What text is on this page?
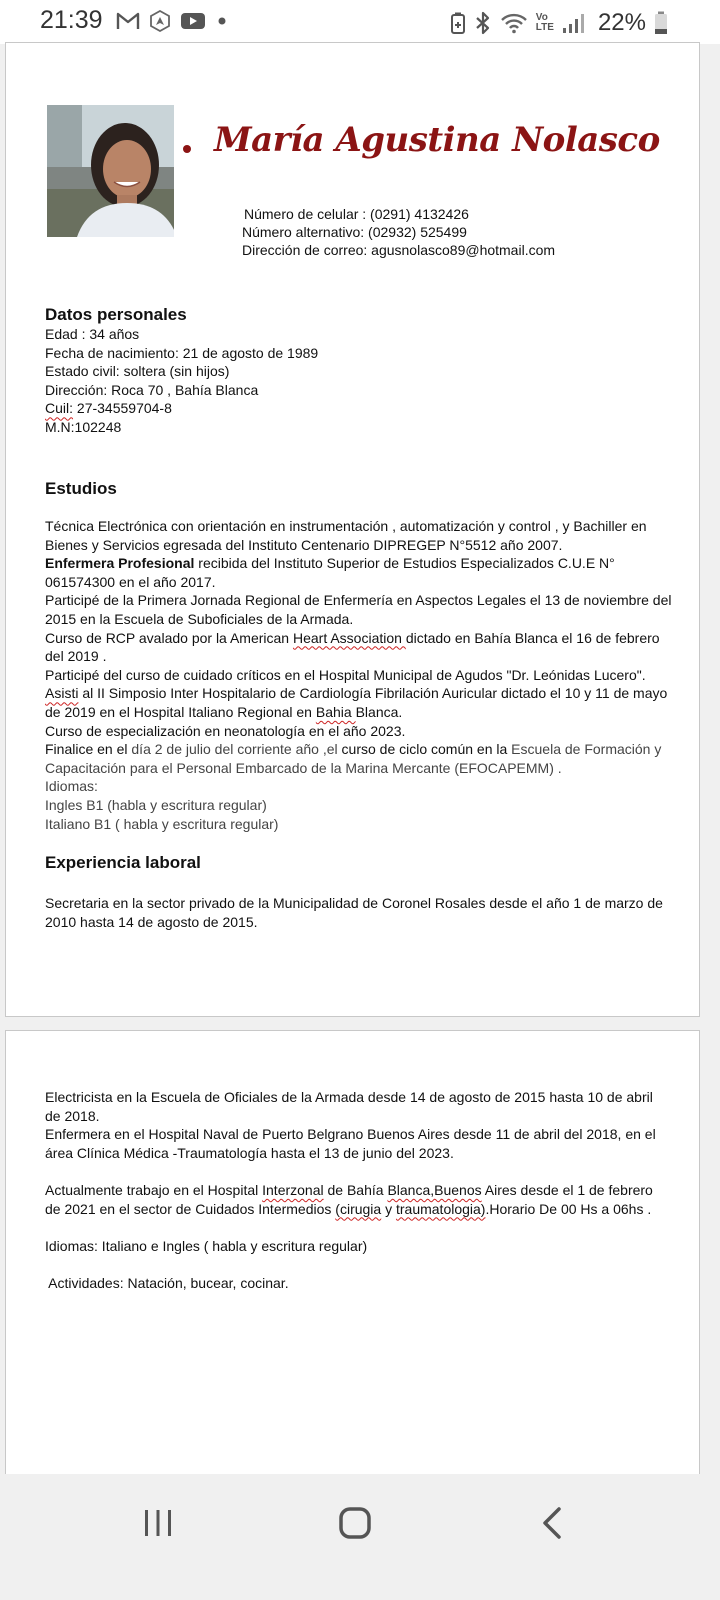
21:39	Vo
LTE 22%
María Agustina Nolasco
Número de celular : (0291) 4132426
Número alternativo: (02932) 525499
Dirección de correo: agusnolasco89@hotmail.com
Datos personales
Edad : 34 años
Fecha de nacimiento: 21 de agosto de 1989
Estado civil: soltera (sin hijos)
Dirección: Roca 70 , Bahía Blanca
Cuil: 27-34559704-8
M.N:102248
Estudios
Técnica Electrónica con orientación en instrumentación , automatización y control , y Bachiller en
Bienes y Servicios egresada del Instituto Centenario DIPREGEP N°5512 año 2007.
Enfermera Profesional recibida del Instituto Superior de Estudios Especializados C.U.E N°
061574300 en el año 2017.
Participé de la Primera Jornada Regional de Enfermería en Aspectos Legales el 13 de noviembre del
2015 en la Escuela de Suboficiales de la Armada.
Curso de RCP avalado por la American Heart Association dictado en Bahía Blanca el 16 de febrero
del 2019 .
Participé del curso de cuidado críticos en el Hospital Municipal de Agudos "Dr. Leónidas Lucero".
Asisti al II Simposio Inter Hospitalario de Cardiología Fibrilación Auricular dictado el 10 y 11 de mayo
de 2019 en el Hospital Italiano Regional en Bahia Blanca.
Curso de especialización en neonatología en el año 2023.
Finalice en el día 2 de julio del corriente año ,el curso de ciclo común en la Escuela de Formación y
Capacitación para el Personal Embarcado de la Marina Mercante (EFOCAPEMM) .
Idiomas:
Ingles B1 (habla y escritura regular)
Italiano B1 ( habla y escritura regular)
Experiencia laboral
Secretaria en la sector privado de la Municipalidad de Coronel Rosales desde el año 1 de marzo de
2010 hasta 14 de agosto de 2015.
Electricista en la Escuela de Oficiales de la Armada desde 14 de agosto de 2015 hasta 10 de abril
de 2018.
Enfermera en el Hospital Naval de Puerto Belgrano Buenos Aires desde 11 de abril del 2018, en el
área Clínica Médica -Traumatología hasta el 13 de junio del 2023.

Actualmente trabajo en el Hospital Interzonal de Bahía Blanca,Buenos Aires desde el 1 de febrero
de 2021 en el sector de Cuidados Intermedios (cirugia y traumatologia).Horario De 00 Hs a 06hs .

Idiomas: Italiano e Ingles ( habla y escritura regular)

Actividades: Natación, bucear, cocinar.
